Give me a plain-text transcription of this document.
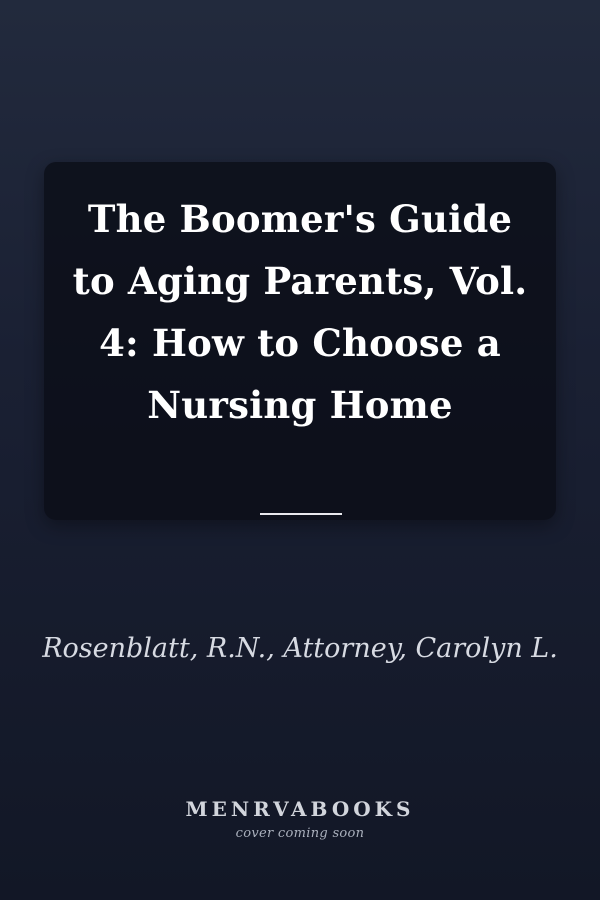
The Boomer's Guide to Aging Parents, Vol. 4: How to Choose a Nursing Home

Rosenblatt, R.N., Attorney, Carolyn L.

MENRVABOOKS
cover coming soon
